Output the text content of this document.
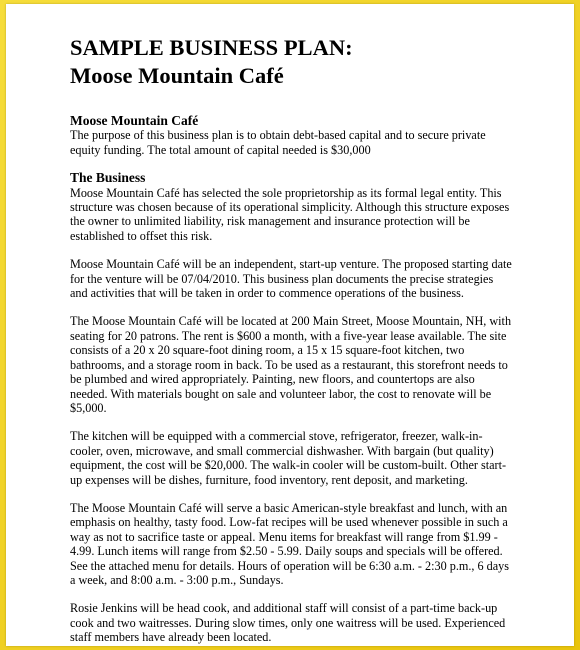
SAMPLE BUSINESS PLAN:
Moose Mountain Café
Moose Mountain Café

The purpose of this business plan is to obtain debt-based capital and to secure private
equity funding. The total amount of capital needed is $30,000

The Business

Moose Mountain Café has selected the sole proprietorship as its formal legal entity. This
structure was chosen because of its operational simplicity. Although this structure exposes
the owner to unlimited liability, risk management and insurance protection will be
established to offset this risk.

Moose Mountain Café will be an independent, start-up venture. The proposed starting date
for the venture will be 07/04/2010. This business plan documents the precise strategies
and activities that will be taken in order to commence operations of the business.

The Moose Mountain Café will be located at 200 Main Street, Moose Mountain, NH, with
seating for 20 patrons. The rent is $600 a month, with a five-year lease available. The site
consists of a 20 x 20 square-foot dining room, a 15 x 15 square-foot kitchen, two
bathrooms, and a storage room in back. To be used as a restaurant, this storefront needs to
be plumbed and wired appropriately. Painting, new floors, and countertops are also
needed. With materials bought on sale and volunteer labor, the cost to renovate will be
$5,000.

The kitchen will be equipped with a commercial stove, refrigerator, freezer, walk-in-
cooler, oven, microwave, and small commercial dishwasher. With bargain (but quality)
equipment, the cost will be $20,000. The walk-in cooler will be custom-built. Other start-
up expenses will be dishes, furniture, food inventory, rent deposit, and marketing.

The Moose Mountain Café will serve a basic American-style breakfast and lunch, with an
emphasis on healthy, tasty food. Low-fat recipes will be used whenever possible in such a
way as not to sacrifice taste or appeal. Menu items for breakfast will range from $1.99 -
4.99. Lunch items will range from $2.50 - 5.99. Daily soups and specials will be offered.
See the attached menu for details. Hours of operation will be 6:30 a.m. - 2:30 p.m., 6 days
a week, and 8:00 a.m. - 3:00 p.m., Sundays.

Rosie Jenkins will be head cook, and additional staff will consist of a part-time back-up
cook and two waitresses. During slow times, only one waitress will be used. Experienced
staff members have already been located.
